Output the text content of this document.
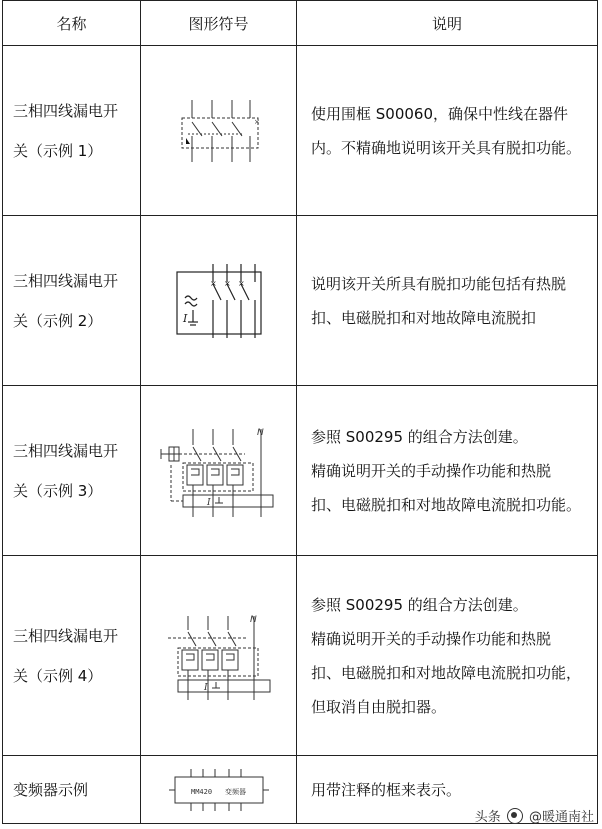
名称	图形符号	说明

三相四线漏电开
关（示例 1）	×	使用围框 S00060，确保中性线在器件
内。不精确地说明该开关具有脱扣功能。

三相四线漏电开
关（示例 2）	× × ×
I	说明该开关所具有脱扣功能包括有热脱
扣、电磁脱扣和对地故障电流脱扣

三相四线漏电开
关（示例 3）	N
I	参照 S00295 的组合方法创建。
精确说明开关的手动操作功能和热脱
扣、电磁脱扣和对地故障电流脱扣功能。

三相四线漏电开
关（示例 4）	N
I	参照 S00295 的组合方法创建。
精确说明开关的手动操作功能和热脱
扣、电磁脱扣和对地故障电流脱扣功能，
但取消自由脱扣器。

变频器示例	MM420 变频器	用带注释的框来表示。
头条 @暖通南社
